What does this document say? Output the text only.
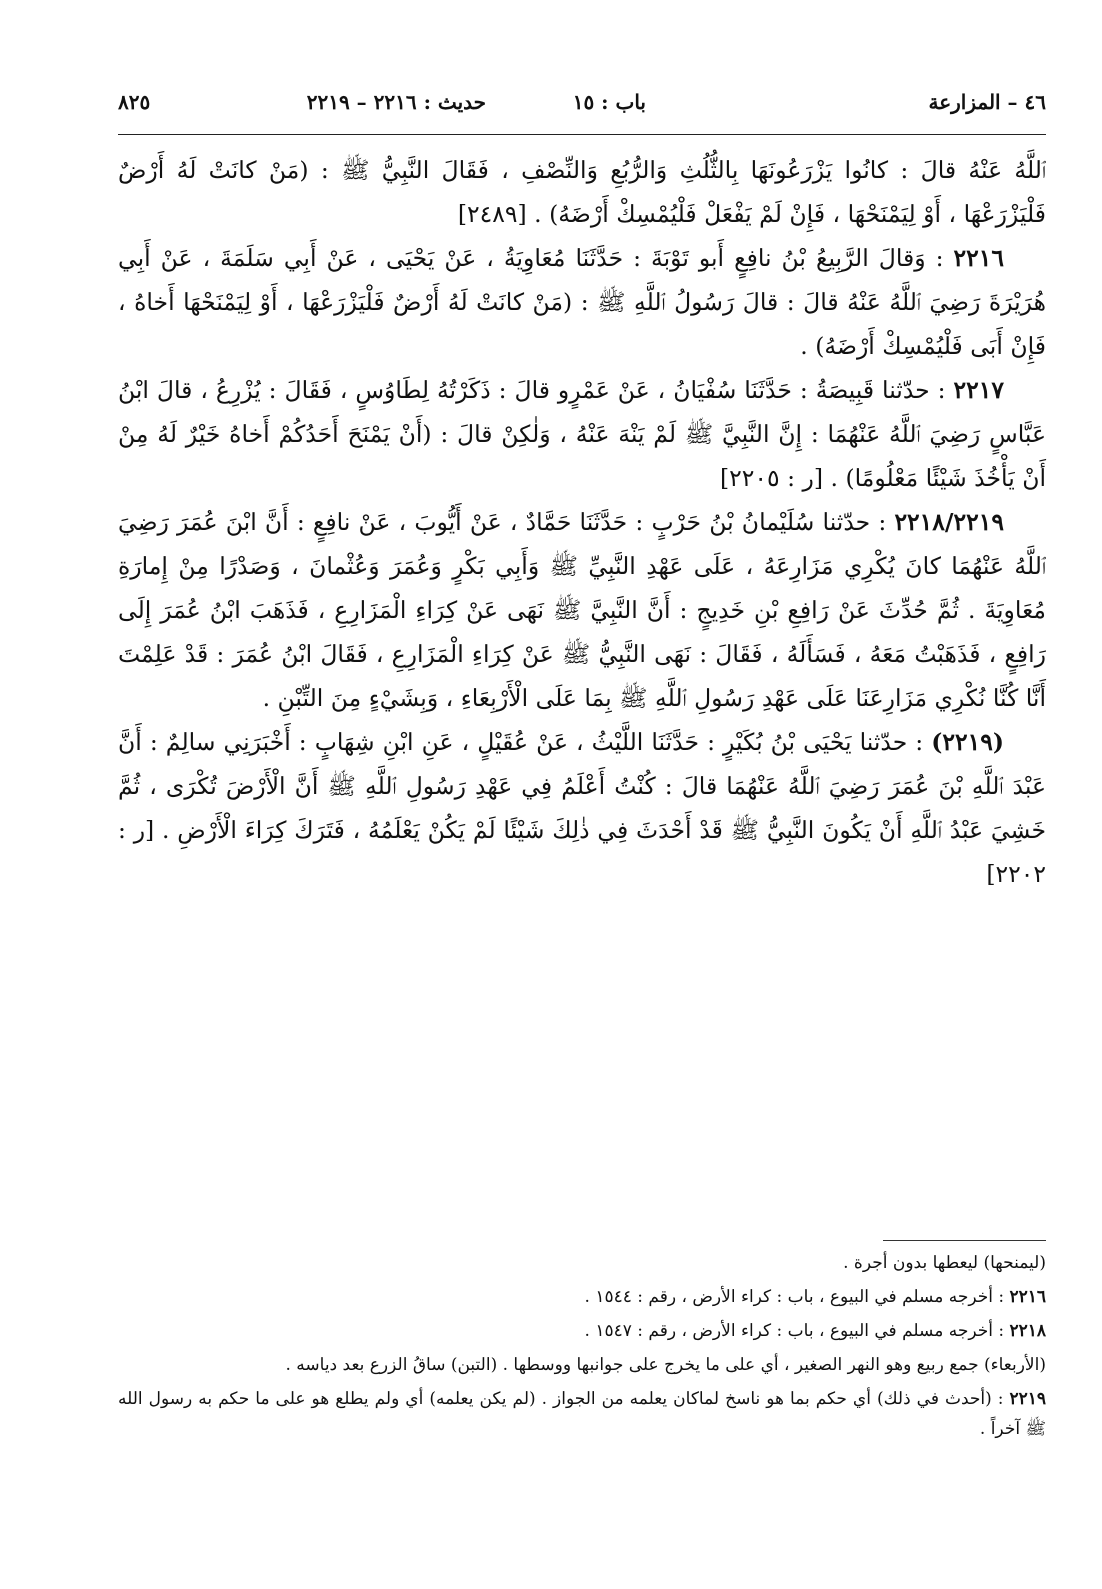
٤٦ – المزارعة
باب : ١٥
حديث : ٢٢١٦ – ٢٢١٩
٨٢٥

ٱللَّهُ عَنْهُ قالَ : كانُوا يَزْرَعُونَهَا بِالثُّلُثِ وَالرُّبُعِ وَالنِّصْفِ ، فَقَالَ النَّبِيُّ ﷺ : (مَنْ كانَتْ لَهُ أَرْضٌ فَلْيَزْرَعْهَا ، أَوْ لِيَمْنَحْهَا ، فَإِنْ لَمْ يَفْعَلْ فَلْيُمْسِكْ أَرْضَهُ) . [٢٤٨٩]

٢٢١٦ : وَقالَ الرَّبِيعُ بْنُ نافِعٍ أَبو تَوْبَةَ : حَدَّثَنَا مُعَاوِيَةُ ، عَنْ يَحْيَى ، عَنْ أَبِي سَلَمَةَ ، عَنْ أَبِي هُرَيْرَةَ رَضِيَ ٱللَّهُ عَنْهُ قالَ : قالَ رَسُولُ ٱللَّهِ ﷺ : (مَنْ كانَتْ لَهُ أَرْضٌ فَلْيَزْرَعْهَا ، أَوْ لِيَمْنَحْهَا أَخاهُ ، فَإِنْ أَبَى فَلْيُمْسِكْ أَرْضَهُ) .

٢٢١٧ : حدّثنا قَبِيصَةُ : حَدَّثَنَا سُفْيَانُ ، عَنْ عَمْرٍو قالَ : ذَكَرْتُهُ لِطَاوُسٍ ، فَقَالَ : يُزْرِعُ ، قالَ ابْنُ عَبَّاسٍ رَضِيَ ٱللَّهُ عَنْهُمَا : إِنَّ النَّبِيَّ ﷺ لَمْ يَنْهَ عَنْهُ ، وَلٰكِنْ قالَ : (أَنْ يَمْنَحَ أَحَدُكُمْ أَخاهُ خَيْرٌ لَهُ مِنْ أَنْ يَأْخُذَ شَيْئًا مَعْلُومًا) . [ر : ٢٢٠٥]

٢٢١٨/٢٢١٩ : حدّثنا سُلَيْمانُ بْنُ حَرْبٍ : حَدَّثَنَا حَمَّادٌ ، عَنْ أَيُّوبَ ، عَنْ نافِعٍ : أَنَّ ابْنَ عُمَرَ رَضِيَ ٱللَّهُ عَنْهُمَا كانَ يُكْرِي مَزَارِعَهُ ، عَلَى عَهْدِ النَّبِيِّ ﷺ وَأَبِي بَكْرٍ وَعُمَرَ وَعُثْمانَ ، وَصَدْرًا مِنْ إِمارَةِ مُعَاوِيَةَ . ثُمَّ حُدِّثَ عَنْ رَافِعِ بْنِ خَدِيجٍ : أَنَّ النَّبِيَّ ﷺ نَهَى عَنْ كِرَاءِ الْمَزَارِعِ ، فَذَهَبَ ابْنُ عُمَرَ إِلَى رَافِعٍ ، فَذَهَبْتُ مَعَهُ ، فَسَأَلَهُ ، فَقَالَ : نَهَى النَّبِيُّ ﷺ عَنْ كِرَاءِ الْمَزَارِعِ ، فَقَالَ ابْنُ عُمَرَ : قَدْ عَلِمْتَ أَنَّا كُنَّا نُكْرِي مَزَارِعَنَا عَلَى عَهْدِ رَسُولِ ٱللَّهِ ﷺ بِمَا عَلَى الْأَرْبِعَاءِ ، وَبِشَيْءٍ مِنَ التِّبْنِ .

(٢٢١٩) : حدّثنا يَحْيَى بْنُ بُكَيْرٍ : حَدَّثَنَا اللَّيْثُ ، عَنْ عُقَيْلٍ ، عَنِ ابْنِ شِهَابٍ : أَخْبَرَنِي سالِمٌ : أَنَّ عَبْدَ ٱللَّهِ بْنَ عُمَرَ رَضِيَ ٱللَّهُ عَنْهُمَا قالَ : كُنْتُ أَعْلَمُ فِي عَهْدِ رَسُولِ ٱللَّهِ ﷺ أَنَّ الْأَرْضَ تُكْرَى ، ثُمَّ خَشِيَ عَبْدُ ٱللَّهِ أَنْ يَكُونَ النَّبِيُّ ﷺ قَدْ أَحْدَثَ فِي ذٰلِكَ شَيْئًا لَمْ يَكُنْ يَعْلَمُهُ ، فَتَرَكَ كِرَاءَ الْأَرْضِ . [ر : ٢٢٠٢]

(ليمنحها) ليعطها بدون أجرة .

٢٢١٦ : أخرجه مسلم في البيوع ، باب : كراء الأرض ، رقم : ١٥٤٤ .

٢٢١٨ : أخرجه مسلم في البيوع ، باب : كراء الأرض ، رقم : ١٥٤٧ .

(الأربعاء) جمع ربيع وهو النهر الصغير ، أي على ما يخرج على جوانبها ووسطها . (التبن) ساقُ الزرع بعد دياسه .

٢٢١٩ : (أحدث في ذلك) أي حكم بما هو ناسخ لماكان يعلمه من الجواز . (لم يكن يعلمه) أي ولم يطلع هو على ما حكم به رسول الله ﷺ آخراً .
